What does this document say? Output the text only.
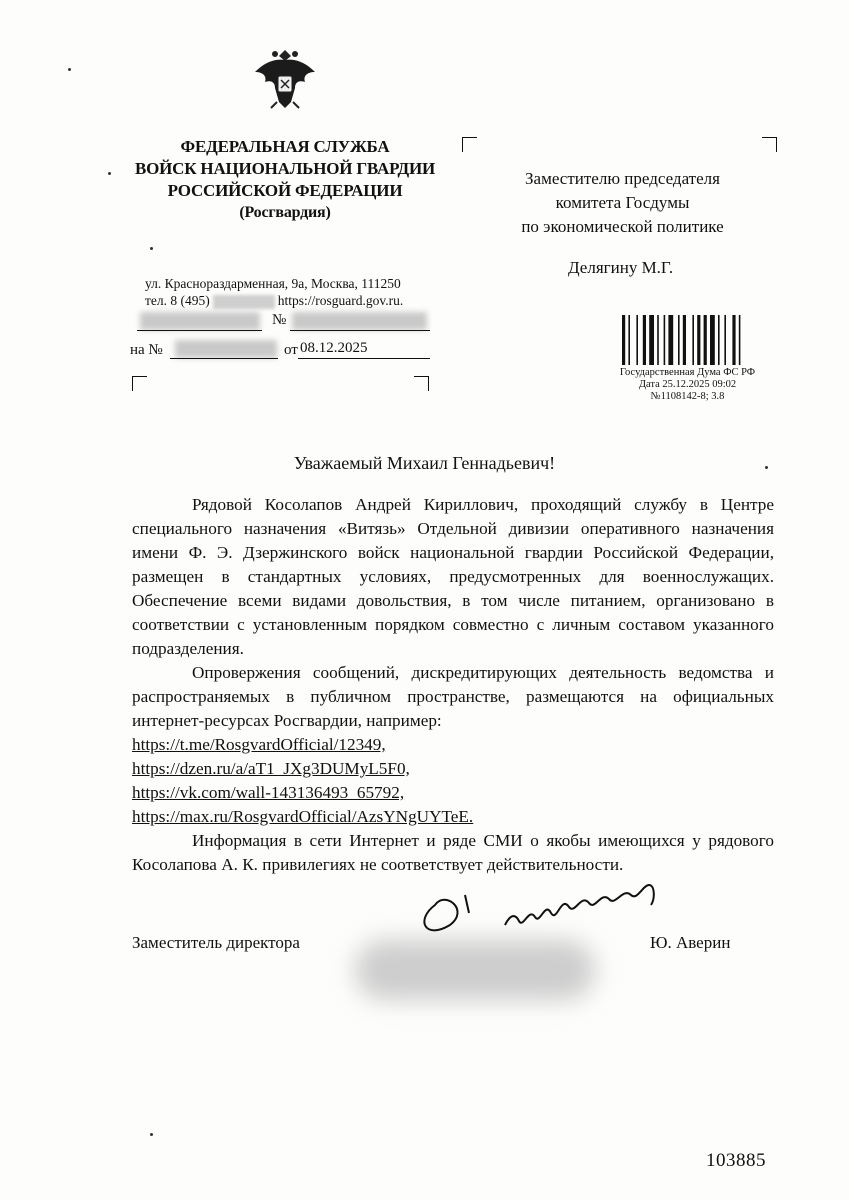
ФЕДЕРАЛЬНАЯ СЛУЖБА
ВОЙСК НАЦИОНАЛЬНОЙ ГВАРДИИ
РОССИЙСКОЙ ФЕДЕРАЦИИ
(Росгвардия)
ул. Краснораздарменная, 9а, Москва, 111250
тел. 8 (495)	https://rosguard.gov.ru.
№
на №	от 08.12.2025
Заместителю председателя
комитета Госдумы
по экономической политике
Делягину М.Г.
Государственная Дума ФС РФ
Дата 25.12.2025 09:02
№1108142-8; 3.8
Уважаемый Михаил Геннадьевич!

Рядовой Косолапов Андрей Кириллович, проходящий службу в Центре специального назначения «Витязь» Отдельной дивизии оперативного назначения имени Ф. Э. Дзержинского войск национальной гвардии Российской Федерации, размещен в стандартных условиях, предусмотренных для военнослужащих. Обеспечение всеми видами довольствия, в том числе питанием, организовано в соответствии с установленным порядком совместно с личным составом указанного подразделения.

Опровержения сообщений, дискредитирующих деятельность ведомства и распространяемых в публичном пространстве, размещаются на официальных интернет-ресурсах Росгвардии, например:

https://t.me/RosgvardOfficial/12349,
https://dzen.ru/a/aT1_JXg3DUMyL5F0,
https://vk.com/wall-143136493_65792,
https://max.ru/RosgvardOfficial/AzsYNgUYTeE.

Информация в сети Интернет и ряде СМИ о якобы имеющихся у рядового Косолапова А. К. привилегиях не соответствует действительности.

Заместитель директора	Ю. Аверин
103885
